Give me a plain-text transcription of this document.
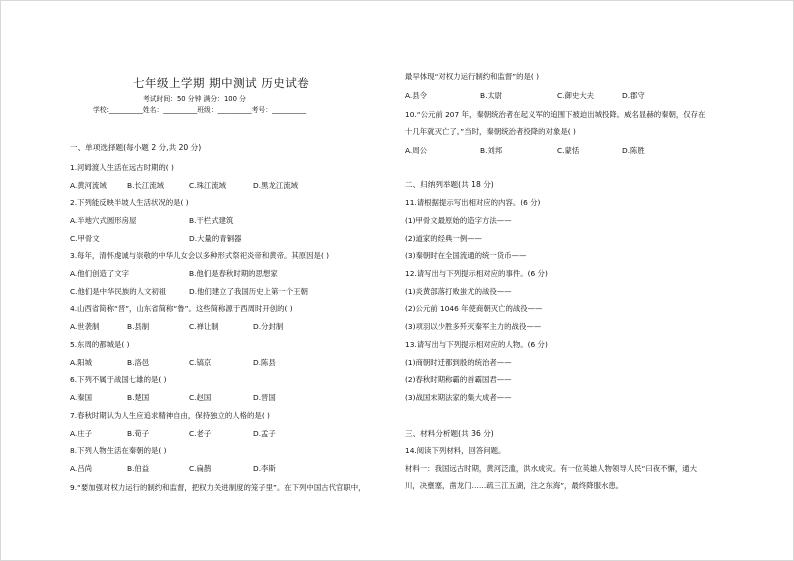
七年级上学期 期中测试 历史试卷
考试时间：50 分钟 满分：100 分
学校:__________姓名：__________班级：__________考号：__________
一、单项选择题(每小题 2 分,共 20 分)
1.河姆渡人生活在远古时期的( )
A.黄河流域	B.长江流域	C.珠江流域	D.黑龙江流域
2.下列能反映半坡人生活状况的是( )
A.半地穴式圆形房屋	B.干栏式建筑
C.甲骨文	D.大量的青铜器
3.每年，清怀虔诚与崇敬的中华儿女会以多种形式祭祀炎帝和黄帝。其原因是( )
A.他们创造了文字	B.他们是春秋时期的思想家
C.他们是中华民族的人文初祖	D.他们建立了我国历史上第一个王朝
4.山西省简称“晋”，山东省简称“鲁”。这些简称源于西周时开创的( )
A.世袭制	B.县制	C.禅让制	D.分封制
5.东周的都城是( )
A.阳城	B.洛邑	C.镐京	D.陈县
6.下列不属于战国七雄的是( )
A.秦国	B.楚国	C.赵国	D.晋国
7.春秋时期认为人生应追求精神自由，保持独立的人格的是( )
A.庄子	B.荀子	C.老子	D.孟子
8.下列人物生活在秦朝的是( )
A.吕尚	B.伯益	C.扁鹊	D.李斯
9.“要加强对权力运行的制约和监督，把权力关进制度的笼子里”。在下列中国古代官职中，
最早体现“对权力运行制约和监督”的是( )
A.县令	B.太尉	C.御史大夫	D.郡守
10.“公元前 207 年，秦朝统治者在起义军的追围下被迫出城投降。威名显赫的秦朝，仅存在
十几年就灭亡了。”当时，秦朝统治者投降的对象是( )
A.周公	B.刘邦	C.蒙恬	D.陈胜
二、归纳列举题(共 18 分)
11.请根据提示写出相对应的内容。(6 分)
(1)甲骨文最原始的造字方法——
(2)道家的经典一例——
(3)秦朝时在全国流通的统一货币——
12.请写出与下列提示相对应的事件。(6 分)
(1)炎黄部落打败蚩尤的战役——
(2)公元前 1046 年使商朝灭亡的战役——
(3)项羽以少胜多歼灭秦军主力的战役——
13.请写出与下列提示相对应的人物。(6 分)
(1)商朝时迁都到殷的统治者——
(2)春秋时期称霸的首霸国君——
(3)战国末期法家的集大成者——
三、材料分析题(共 36 分)
14.阅读下列材料，回答问题。
材料一：我国远古时期，黄河泛滥，洪水成灾。有一位英雄人物领导人民“曰夜不懈，通大
川，决壅塞，凿龙门……疏三江五湖，注之东海”，最终降服水患。
